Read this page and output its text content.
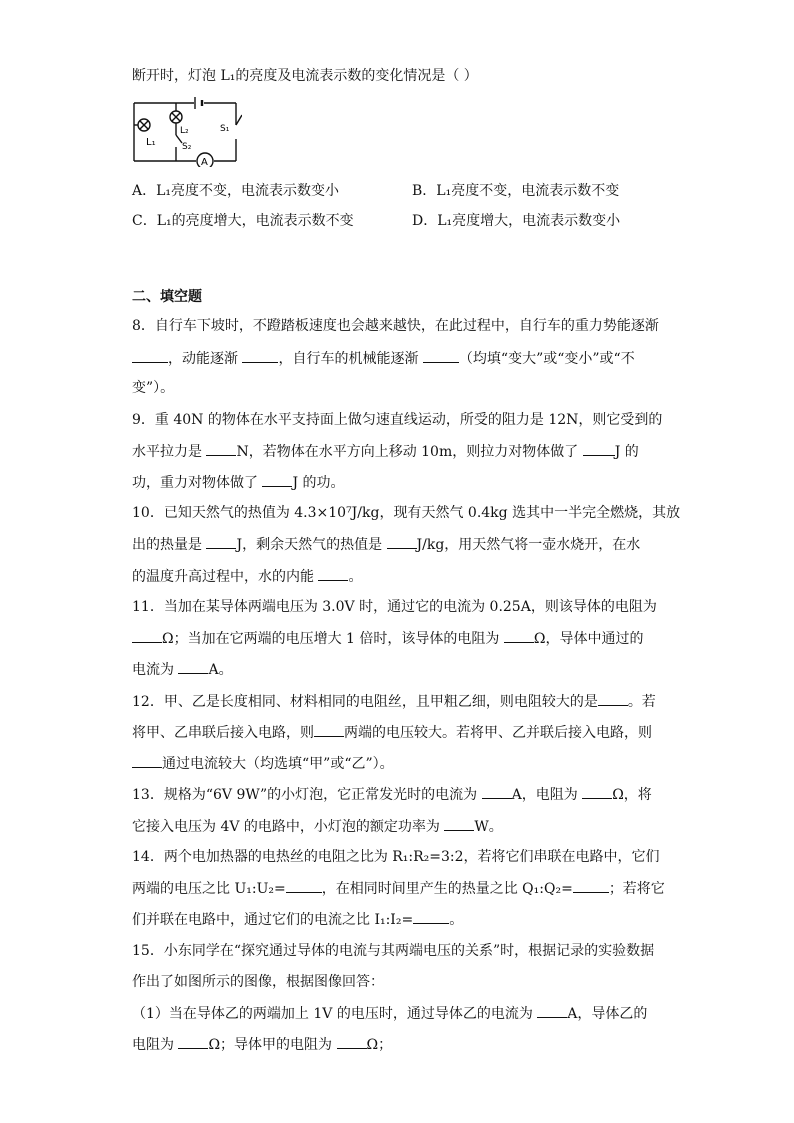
断开时，灯泡 L₁的亮度及电流表示数的变化情况是（ ）
L₁
L₂
S₂
S₁
A
A．L₁亮度不变，电流表示数变小	B．L₁亮度不变，电流表示数不变
C．L₁的亮度增大，电流表示数不变	D．L₁亮度增大，电流表示数变小
二、填空题
8．自行车下坡时，不蹬踏板速度也会越来越快，在此过程中，自行车的重力势能逐渐
，动能逐渐	，自行车的机械能逐渐	（均填“变大”或“变小”或“不
变”）。
9．重 40N 的物体在水平支持面上做匀速直线运动，所受的阻力是 12N，则它受到的
水平拉力是 N，若物体在水平方向上移动 10m，则拉力对物体做了	J 的
功，重力对物体做了 J 的功。
10．已知天然气的热值为 4.3×10⁷J/kg，现有天然气 0.4kg 选其中一半完全燃烧，其放
出的热量是 J，剩余天然气的热值是 J/kg，用天然气将一壶水烧开，在水
的温度升高过程中，水的内能 。
11．当加在某导体两端电压为 3.0V 时，通过它的电流为 0.25A，则该导体的电阻为
Ω；当加在它两端的电压增大 1 倍时，该导体的电阻为 Ω，导体中通过的
电流为 A。
12．甲、乙是长度相同、材料相同的电阻丝，且甲粗乙细，则电阻较大的是 。若
将甲、乙串联后接入电路，则 两端的电压较大。若将甲、乙并联后接入电路，则
通过电流较大（均选填“甲”或“乙”）。
13．规格为“6V 9W”的小灯泡，它正常发光时的电流为 A，电阻为 Ω，将
它接入电压为 4V 的电路中，小灯泡的额定功率为 W。
14．两个电加热器的电热丝的电阻之比为 R₁:R₂=3:2，若将它们串联在电路中，它们
两端的电压之比 U₁:U₂=	，在相同时间里产生的热量之比 Q₁:Q₂=	；若将它
们并联在电路中，通过它们的电流之比 I₁:I₂=	。
15．小东同学在“探究通过导体的电流与其两端电压的关系”时，根据记录的实验数据
作出了如图所示的图像，根据图像回答：
（1）当在导体乙的两端加上 1V 的电压时，通过导体乙的电流为 A，导体乙的
电阻为 Ω；导体甲的电阻为 Ω；
